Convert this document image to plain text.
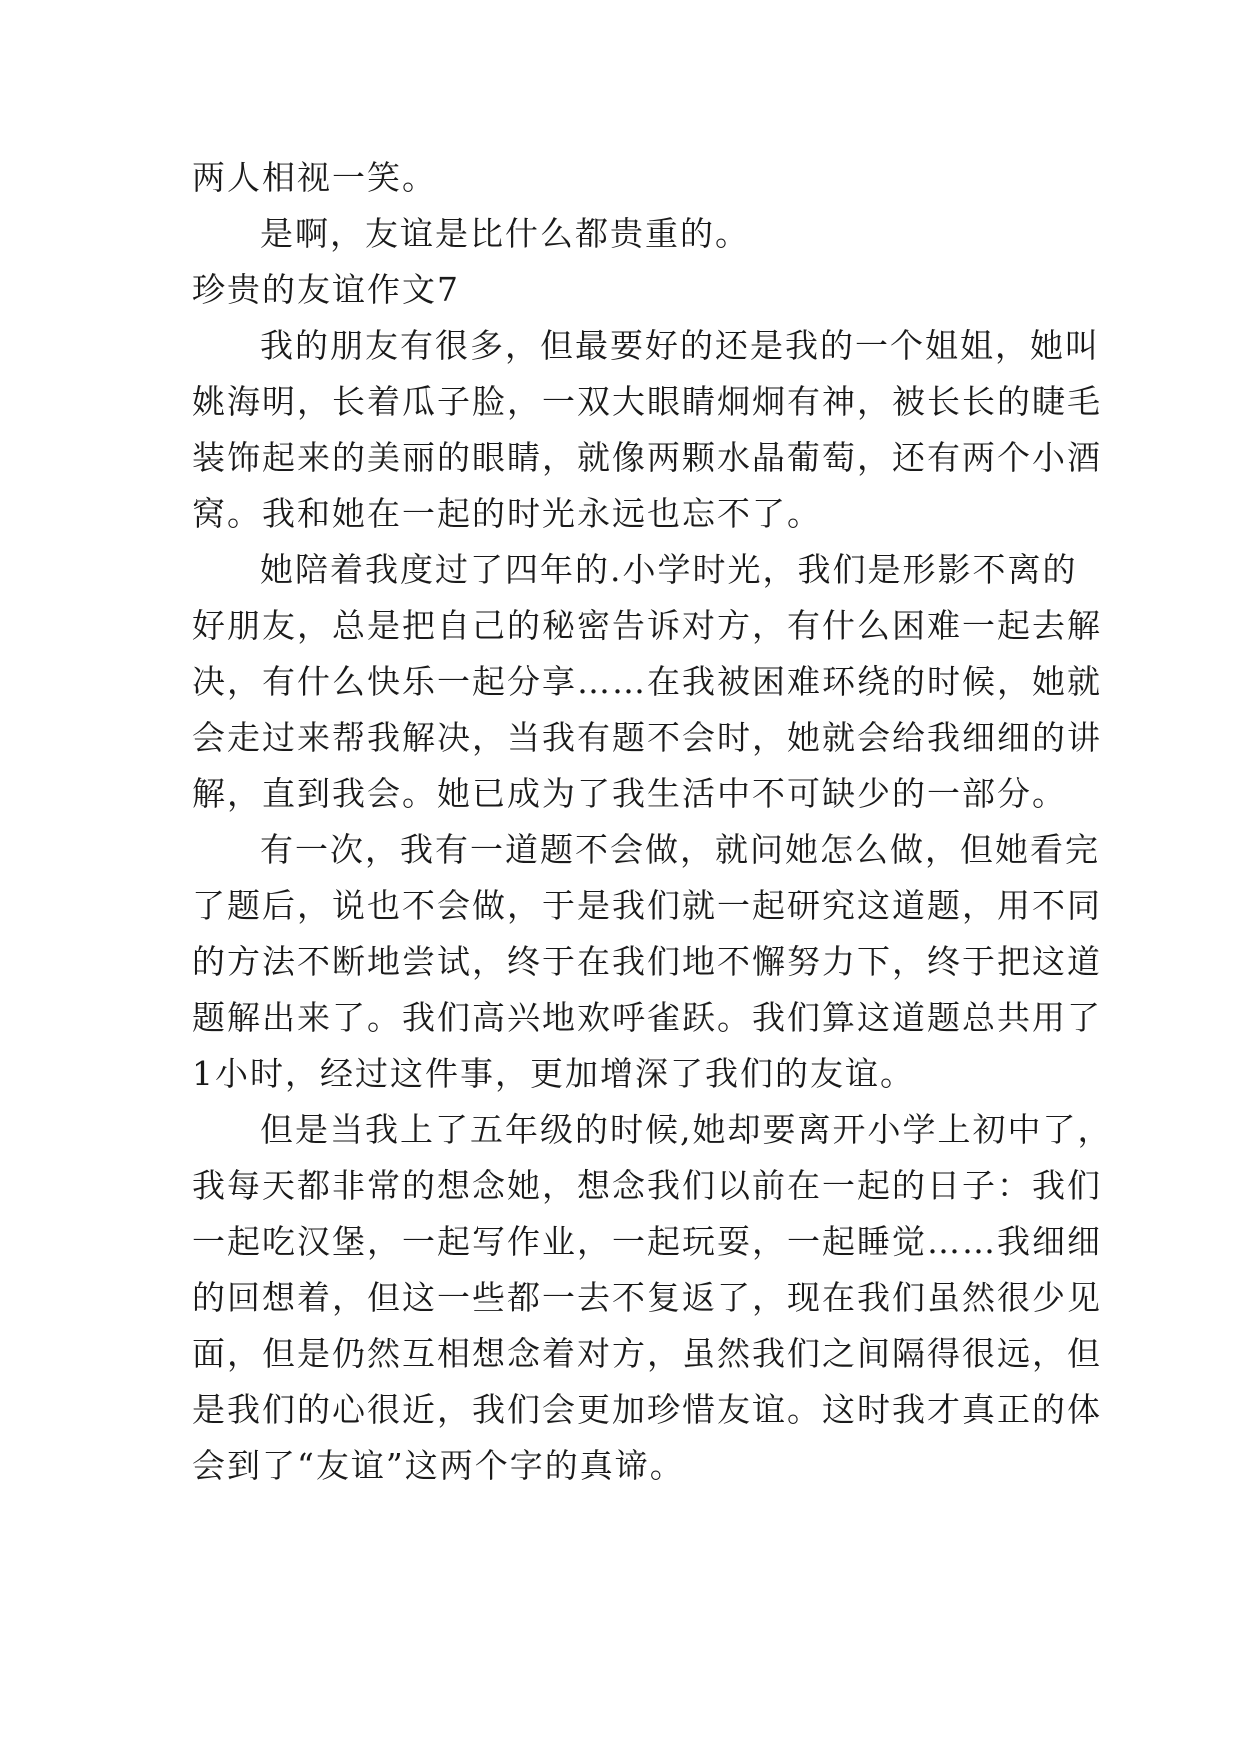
两人相视一笑。
是啊，友谊是比什么都贵重的。
珍贵的友谊作文7
我的朋友有很多，但最要好的还是我的一个姐姐，她叫
姚海明，长着瓜子脸，一双大眼睛炯炯有神，被长长的睫毛
装饰起来的美丽的眼睛，就像两颗水晶葡萄，还有两个小酒
窝。我和她在一起的时光永远也忘不了。
她陪着我度过了四年的.小学时光，我们是形影不离的
好朋友，总是把自己的秘密告诉对方，有什么困难一起去解
决，有什么快乐一起分享……在我被困难环绕的时候，她就
会走过来帮我解决，当我有题不会时，她就会给我细细的讲
解，直到我会。她已成为了我生活中不可缺少的一部分。
有一次，我有一道题不会做，就问她怎么做，但她看完
了题后，说也不会做，于是我们就一起研究这道题，用不同
的方法不断地尝试，终于在我们地不懈努力下，终于把这道
题解出来了。我们高兴地欢呼雀跃。我们算这道题总共用了
1小时，经过这件事，更加增深了我们的友谊。
但是当我上了五年级的时候,她却要离开小学上初中了，
我每天都非常的想念她，想念我们以前在一起的日子：我们
一起吃汉堡，一起写作业，一起玩耍，一起睡觉……我细细
的回想着，但这一些都一去不复返了，现在我们虽然很少见
面，但是仍然互相想念着对方，虽然我们之间隔得很远，但
是我们的心很近，我们会更加珍惜友谊。这时我才真正的体
会到了“友谊”这两个字的真谛。
